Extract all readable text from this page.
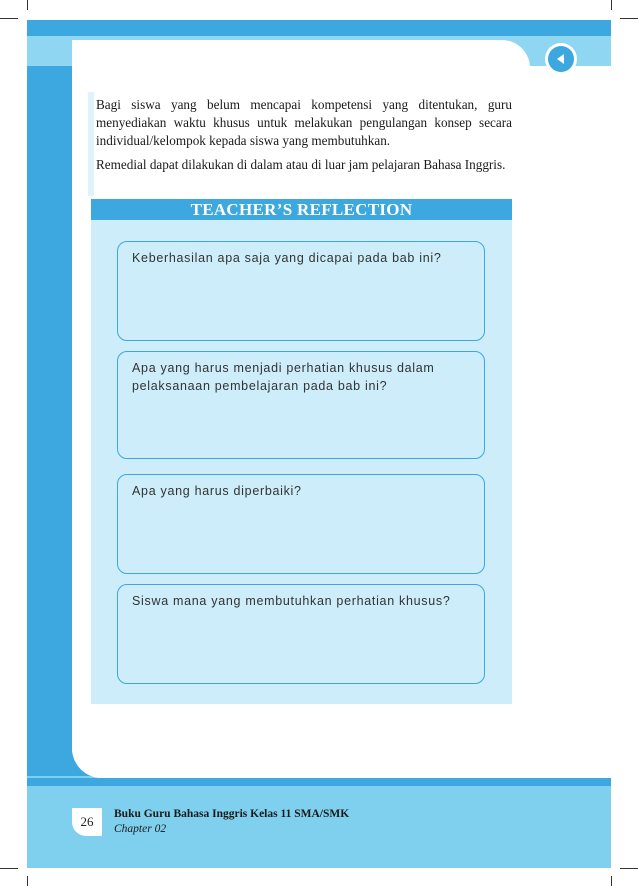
Bagi siswa yang belum mencapai kompetensi yang ditentukan, guru menyediakan waktu khusus untuk melakukan pengulangan konsep secara individual/kelompok kepada siswa yang membutuhkan.

Remedial dapat dilakukan di dalam atau di luar jam pelajaran Bahasa Inggris.

TEACHER’S REFLECTION
Keberhasilan apa saja yang dicapai pada bab ini?
Apa yang harus menjadi perhatian khusus dalam pelaksanaan pembelajaran pada bab ini?
Apa yang harus diperbaiki?
Siswa mana yang membutuhkan perhatian khusus?
26	Buku Guru Bahasa Inggris Kelas 11 SMA/SMK
Chapter 02
